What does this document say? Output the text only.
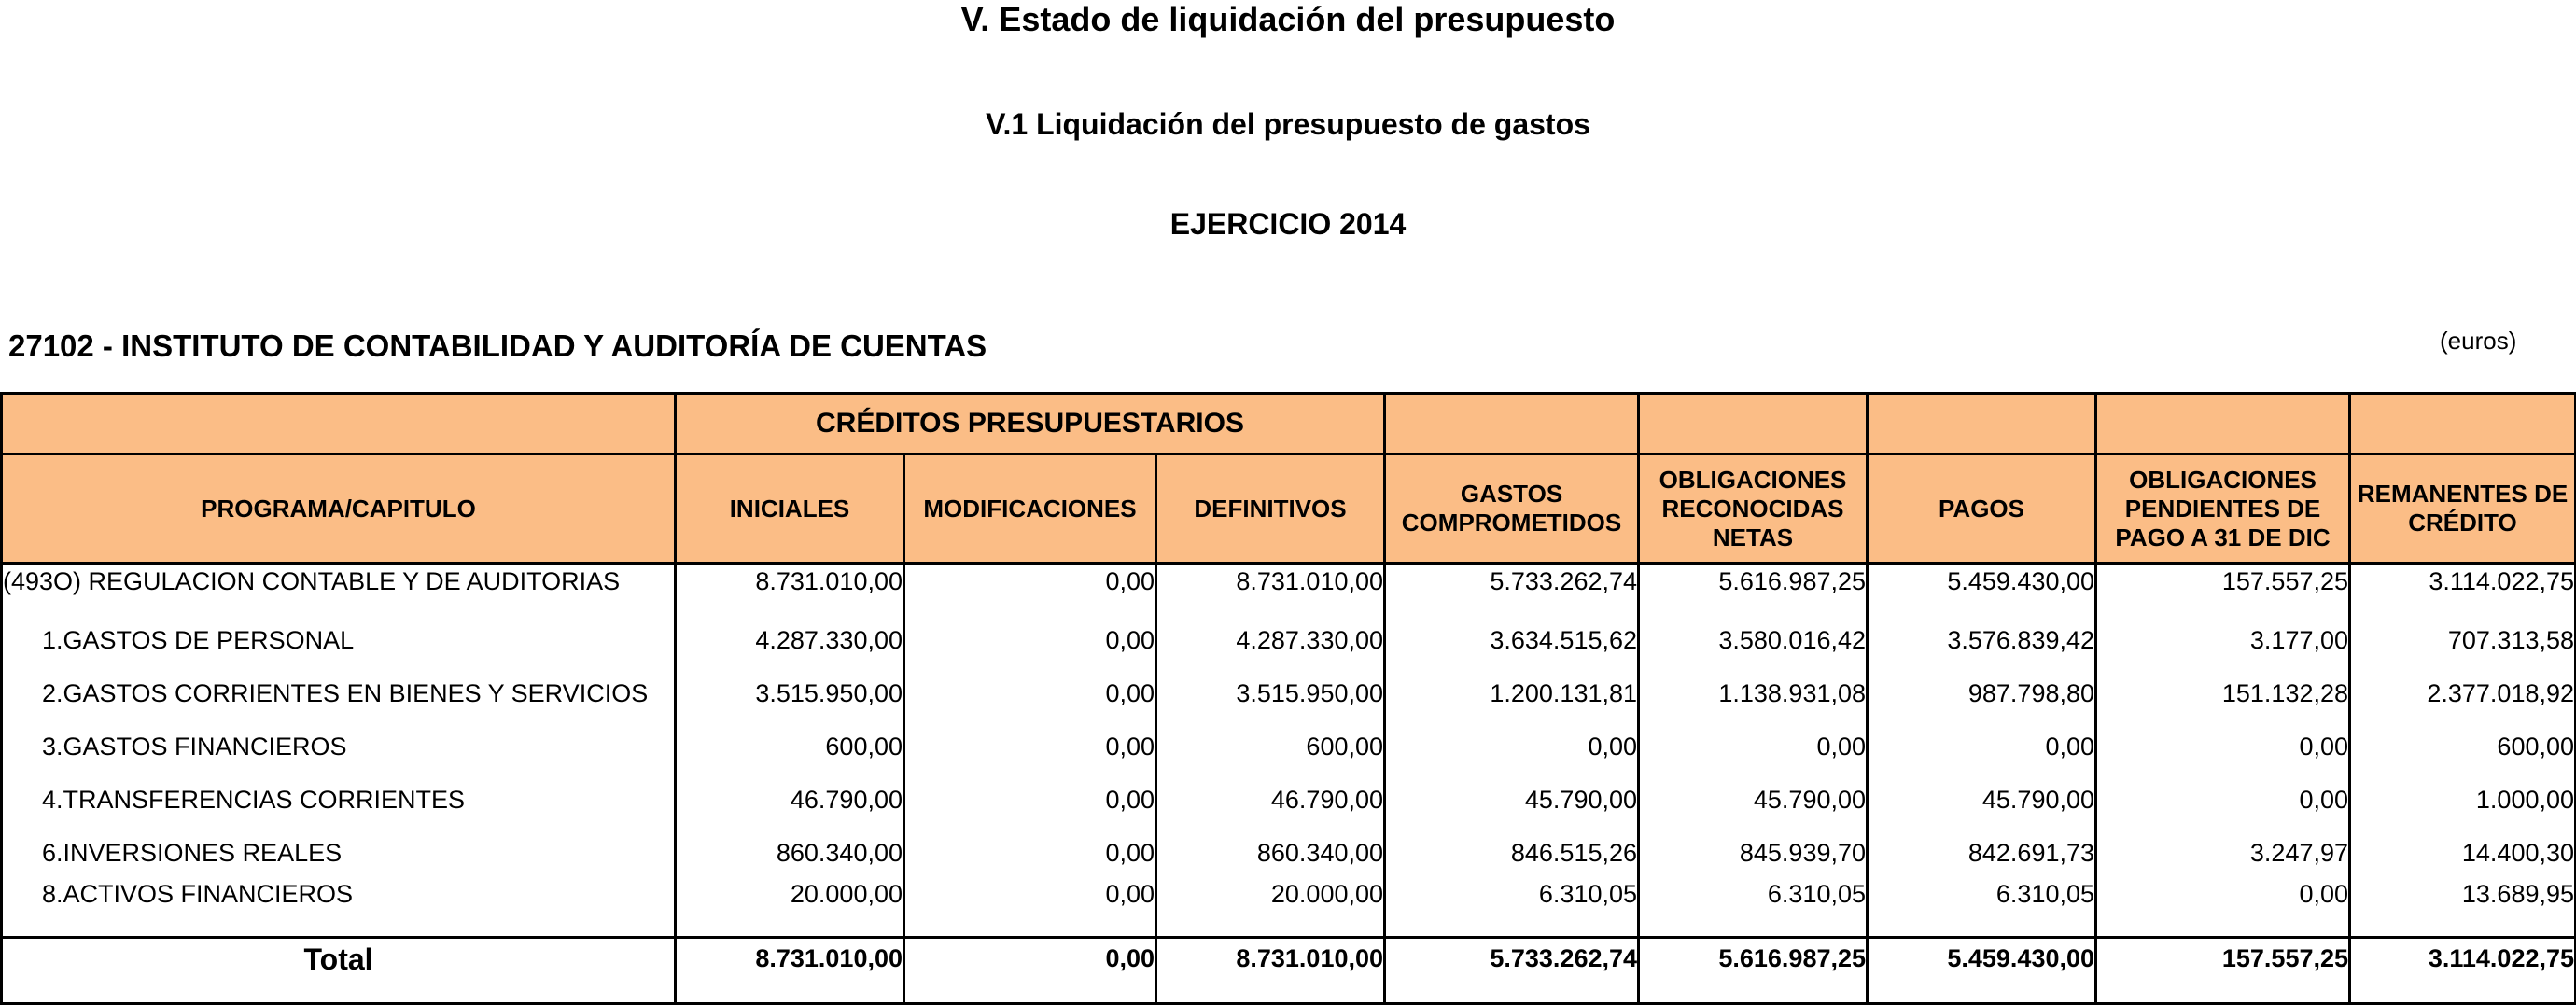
V. Estado de liquidación del presupuesto
V.1 Liquidación del presupuesto de gastos
EJERCICIO 2014
27102 - INSTITUTO DE CONTABILIDAD Y AUDITORÍA DE CUENTAS	(euros)
	CRÉDITOS PRESUPUESTARIOS							
PROGRAMA/CAPITULO	INICIALES	MODIFICACIONES	DEFINITIVOS	GASTOS COMPROMETIDOS	OBLIGACIONES RECONOCIDAS NETAS	PAGOS	OBLIGACIONES PENDIENTES DE PAGO A 31 DE DIC	REMANENTES DE CRÉDITO
(493O) REGULACION CONTABLE Y DE AUDITORIAS	8.731.010,00	0,00	8.731.010,00	5.733.262,74	5.616.987,25	5.459.430,00	157.557,25	3.114.022,75
1.GASTOS DE PERSONAL	4.287.330,00	0,00	4.287.330,00	3.634.515,62	3.580.016,42	3.576.839,42	3.177,00	707.313,58
2.GASTOS CORRIENTES EN BIENES Y SERVICIOS	3.515.950,00	0,00	3.515.950,00	1.200.131,81	1.138.931,08	987.798,80	151.132,28	2.377.018,92
3.GASTOS FINANCIEROS	600,00	0,00	600,00	0,00	0,00	0,00	0,00	600,00
4.TRANSFERENCIAS CORRIENTES	46.790,00	0,00	46.790,00	45.790,00	45.790,00	45.790,00	0,00	1.000,00
6.INVERSIONES REALES	860.340,00	0,00	860.340,00	846.515,26	845.939,70	842.691,73	3.247,97	14.400,30
8.ACTIVOS FINANCIEROS	20.000,00	0,00	20.000,00	6.310,05	6.310,05	6.310,05	0,00	13.689,95
Total	8.731.010,00	0,00	8.731.010,00	5.733.262,74	5.616.987,25	5.459.430,00	157.557,25	3.114.022,75
